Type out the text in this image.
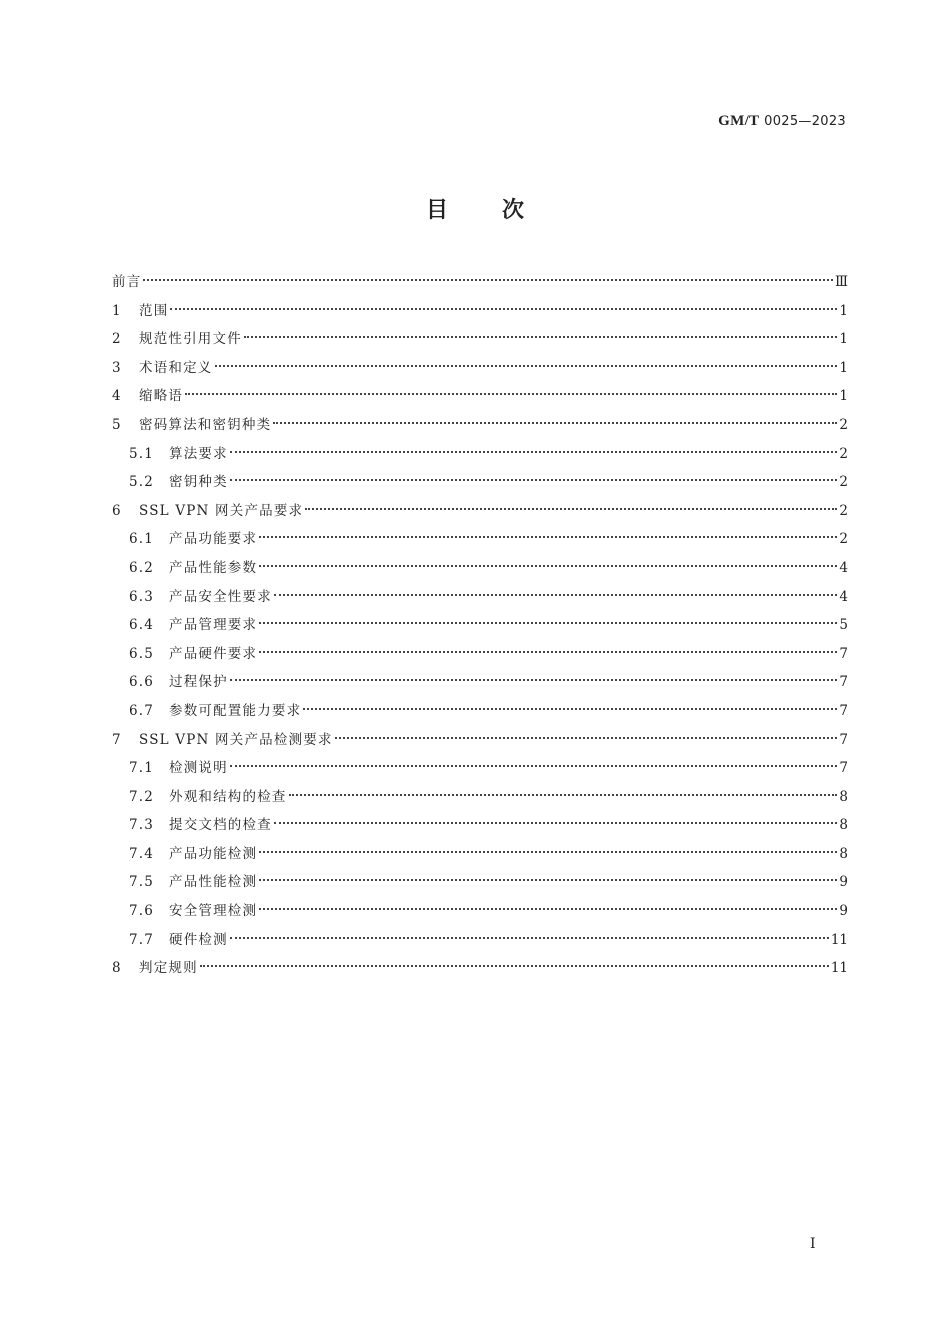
GM/T 0025—2023
目次
前言	Ⅲ
1	范围	1
2	规范性引用文件	1
3	术语和定义	1
4	缩略语	1
5	密码算法和密钥种类	2
5.1	算法要求	2
5.2	密钥种类	2
6	SSL VPN 网关产品要求	2
6.1	产品功能要求	2
6.2	产品性能参数	4
6.3	产品安全性要求	4
6.4	产品管理要求	5
6.5	产品硬件要求	7
6.6	过程保护	7
6.7	参数可配置能力要求	7
7	SSL VPN 网关产品检测要求	7
7.1	检测说明	7
7.2	外观和结构的检查	8
7.3	提交文档的检查	8
7.4	产品功能检测	8
7.5	产品性能检测	9
7.6	安全管理检测	9
7.7	硬件检测	11
8	判定规则	11
Ⅰ
